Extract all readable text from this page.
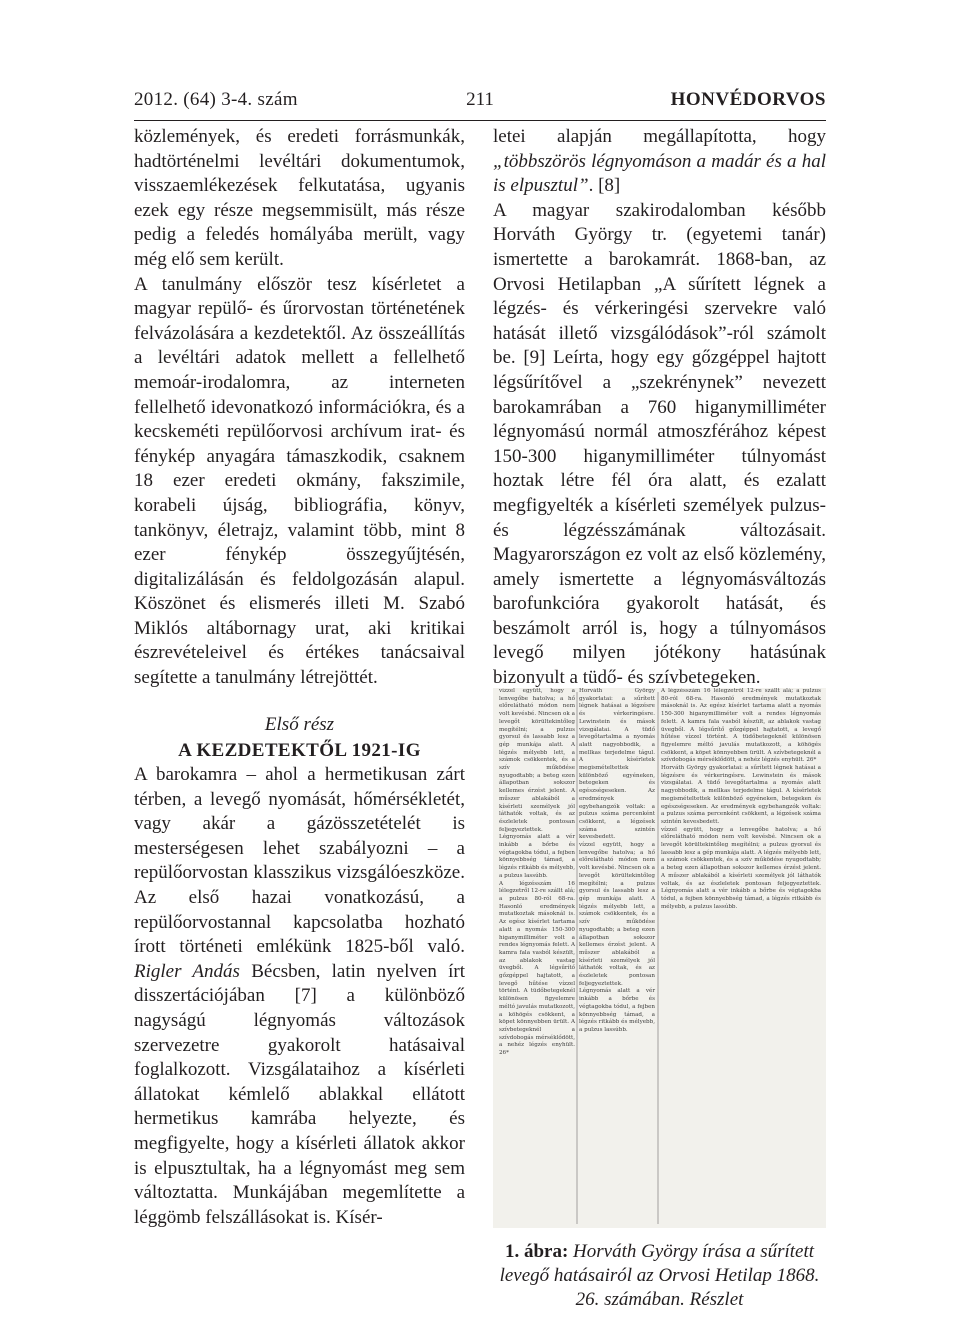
2012. (64) 3-4. szám	211	HONVÉDORVOS

közlemények, és eredeti forrásmunkák, hadtörténelmi levéltári dokumentumok, visszaemlékezések felkutatása, ugyanis ezek egy része megsemmisült, más része pedig a feledés homályába merült, vagy még elő sem került.

A tanulmány először tesz kísérletet a magyar repülő- és űrorvostan történetének felvázolására a kezdetektől. Az összeállítás a levéltári adatok mellett a fellelhető memoár-irodalomra, az interneten fellelhető idevonatkozó információkra, és a kecskeméti repülőorvosi archívum irat- és fénykép anyagára támaszkodik, csaknem 18 ezer eredeti okmány, fakszimile, korabeli újság, bibliográfia, könyv, tankönyv, életrajz, valamint több, mint 8 ezer fénykép összegyűjtésén, digitalizálásán és feldolgozásán alapul. Köszönet és elismerés illeti M. Szabó Miklós altábornagy urat, aki kritikai észrevételeivel és értékes tanácsaival segítette a tanulmány létrejöttét.

letei alapján megállapította, hogy „többszörös légnyomáson a madár és a hal is elpusztul”. [8]

A magyar szakirodalomban később Horváth György tr. (egyetemi tanár) ismertette a barokamrát. 1868-ban, az Orvosi Hetilapban „A sűrített légnek a légzés- és vérkeringési szervekre való hatását illető vizsgálódások”-ról számolt be. [9] Leírta, hogy egy gőzgéppel hajtott légsűrítővel a „szekrénynek” nevezett barokamrában a 760 higanymilliméter légnyomású normál atmoszférához képest 150-300 higanymilliméter túlnyomást hoztak létre fél óra alatt, és ezalatt megfigyelték a kísérleti személyek pulzus- és légzésszámának változásait. Magyarországon ez volt az első közlemény, amely ismertette a légnyomásváltozás barofunkcióra gyakorolt hatását, és beszámolt arról is, hogy a túlnyomásos levegő milyen jótékony hatásúnak bizonyult a tüdő- és szívbetegeken.

Első rész
A KEZDETEKTŐL 1921-IG

A barokamra – ahol a hermetikusan zárt térben, a levegő nyomását, hőmérsékletét, vagy akár a gázösszetételét is mesterségesen lehet szabályozni – a repülőorvostan klasszikus vizsgálóeszköze. Az első hazai vonatkozású, a repülőorvostannal kapcsolatba hozható írott történeti emlékünk 1825-ből való. Rigler Andás Bécsben, latin nyelven írt disszertációjában [7] a különböző nagyságú légnyomás változások szervezetre gyakorolt hatásaival foglalkozott. Vizsgálataihoz a kísérleti állatokat kémlelő ablakkal ellátott hermetikus kamrába helyezte, és megfigyelte, hogy a kísérleti állatok akkor is elpusztultak, ha a légnyomást meg sem változtatta. Munkájában megemlítette a léggömb felszállásokat is. Kísér-

vízzel együtt, hogy a lenvegőbe hatolva; a hő előrelátható módon nem volt kevésbé. Nincsen ok a levegőt körültekintőleg megítélni; a pulzus gyorsul és lassabb lesz a gép munkája alatt. A légzés mélyebb lett, a számok csökkentek, és a szív működése nyugodtabb; a beteg ezen állapotban sokszor kellemes érzést jelent. A műszer ablakából a kísérleti személyek jól láthatók voltak, és az észleletek pontosan feljegyeztettek. Légnyomás alatt a vér inkább a bőrbe és végtagokba tódul, a fejben könnyebbség támad, a légzés ritkább és mélyebb, a pulzus lassúbb.
A légzésszám 16 lélegzetről 12-re szállt alá; a pulzus 80-ról 68-ra. Hasonló eredmények mutatkoztak másoknál is. Az egész kísérlet tartama alatt a nyomás 150-300 higanymilliméter volt a rendes légnyomás felett. A kamra fala vasból készült, az ablakok vastag üvegből. A légsűrítő gőzgéppel hajtatott, a levegő hűtése vízzel történt. A tüdőbetegeknél különösen figyelemre méltó javulás mutatkozott, a köhögés csökkent, a köpet könnyebben ürült. A szívbetegeknél a szívdobogás mérséklődött, a nehéz légzés enyhült. 26*
Horváth György gyakorlatai: a sűrített légnek hatásai a légzésre és vérkeringésre. Lewinstein és mások vizsgálatai. A tüdő levegőtartalma a nyomás alatt nagyobbodik, a mellkas terjedelme tágul. A kísérletek megismételtettek különböző egyéneken, betegeken és egészségeseken. Az eredmények egybehangzók voltak: a pulzus száma percenként csökkent, a légzések száma szintén kevesbedett.
vízzel együtt, hogy a lenvegőbe hatolva; a hő előrelátható módon nem volt kevésbé. Nincsen ok a levegőt körültekintőleg megítélni; a pulzus gyorsul és lassabb lesz a gép munkája alatt. A légzés mélyebb lett, a számok csökkentek, és a szív működése nyugodtabb; a beteg ezen állapotban sokszor kellemes érzést jelent. A műszer ablakából a kísérleti személyek jól láthatók voltak, és az észleletek pontosan feljegyeztettek. Légnyomás alatt a vér inkább a bőrbe és végtagokba tódul, a fejben könnyebbség támad, a légzés ritkább és mélyebb, a pulzus lassúbb.
A légzésszám 16 lélegzetről 12-re szállt alá; a pulzus 80-ról 68-ra. Hasonló eredmények mutatkoztak másoknál is. Az egész kísérlet tartama alatt a nyomás 150-300 higanymilliméter volt a rendes légnyomás felett. A kamra fala vasból készült, az ablakok vastag üvegből. A légsűrítő gőzgéppel hajtatott, a levegő hűtése vízzel történt. A tüdőbetegeknél különösen figyelemre méltó javulás mutatkozott, a köhögés csökkent, a köpet könnyebben ürült. A szívbetegeknél a szívdobogás mérséklődött, a nehéz légzés enyhült. 26*
Horváth György gyakorlatai: a sűrített légnek hatásai a légzésre és vérkeringésre. Lewinstein és mások vizsgálatai. A tüdő levegőtartalma a nyomás alatt nagyobbodik, a mellkas terjedelme tágul. A kísérletek megismételtettek különböző egyéneken, betegeken és egészségeseken. Az eredmények egybehangzók voltak: a pulzus száma percenként csökkent, a légzések száma szintén kevesbedett.
vízzel együtt, hogy a lenvegőbe hatolva; a hő előrelátható módon nem volt kevésbé. Nincsen ok a levegőt körültekintőleg megítélni; a pulzus gyorsul és lassabb lesz a gép munkája alatt. A légzés mélyebb lett, a számok csökkentek, és a szív működése nyugodtabb; a beteg ezen állapotban sokszor kellemes érzést jelent. A műszer ablakából a kísérleti személyek jól láthatók voltak, és az észleletek pontosan feljegyeztettek. Légnyomás alatt a vér inkább a bőrbe és végtagokba tódul, a fejben könnyebbség támad, a légzés ritkább és mélyebb, a pulzus lassúbb.
1. ábra: Horváth György írása a sűrített levegő hatásairól az Orvosi Hetilap 1868. 26. számában. Részlet
